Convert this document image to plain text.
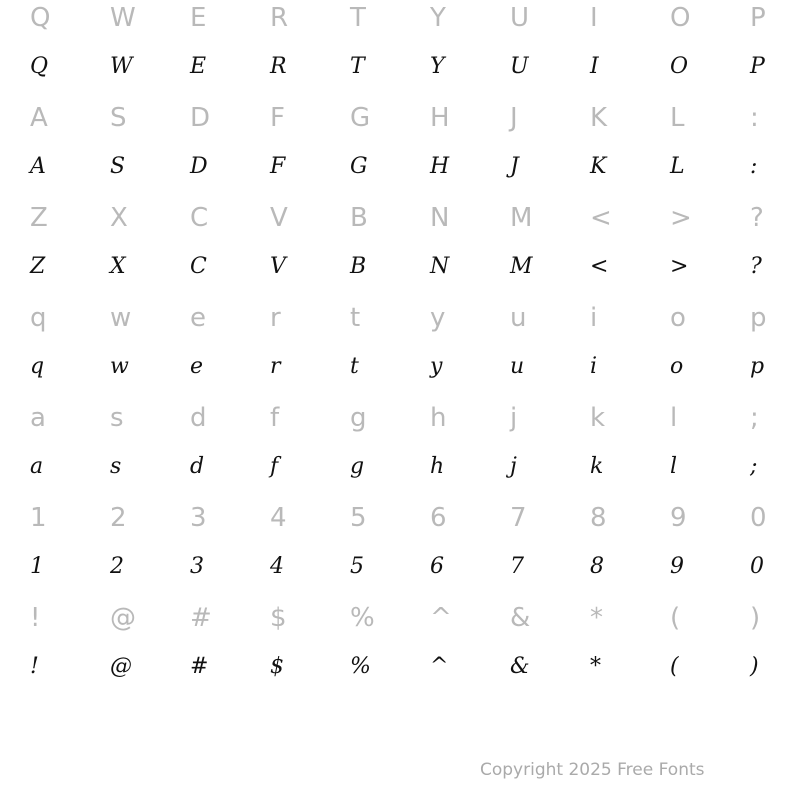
Q	W	E	R	T	Y	U	I	O	P
Q	W	E	R	T	Y	U	I	O	P
A	S	D	F	G	H	J	K	L	:
A	S	D	F	G	H	J	K	L	:
Z	X	C	V	B	N	M	<	>	?
Z	X	C	V	B	N	M	<	>	?
q	w	e	r	t	y	u	i	o	p
q	w	e	r	t	y	u	i	o	p
a	s	d	f	g	h	j	k	l	;
a	s	d	f	g	h	j	k	l	;
1	2	3	4	5	6	7	8	9	0
1	2	3	4	5	6	7	8	9	0
!	@	#	$	%	^	&	*	(	)
!	@	#	$	%	^	&	*	(	)
Copyright 2025 Free Fonts
